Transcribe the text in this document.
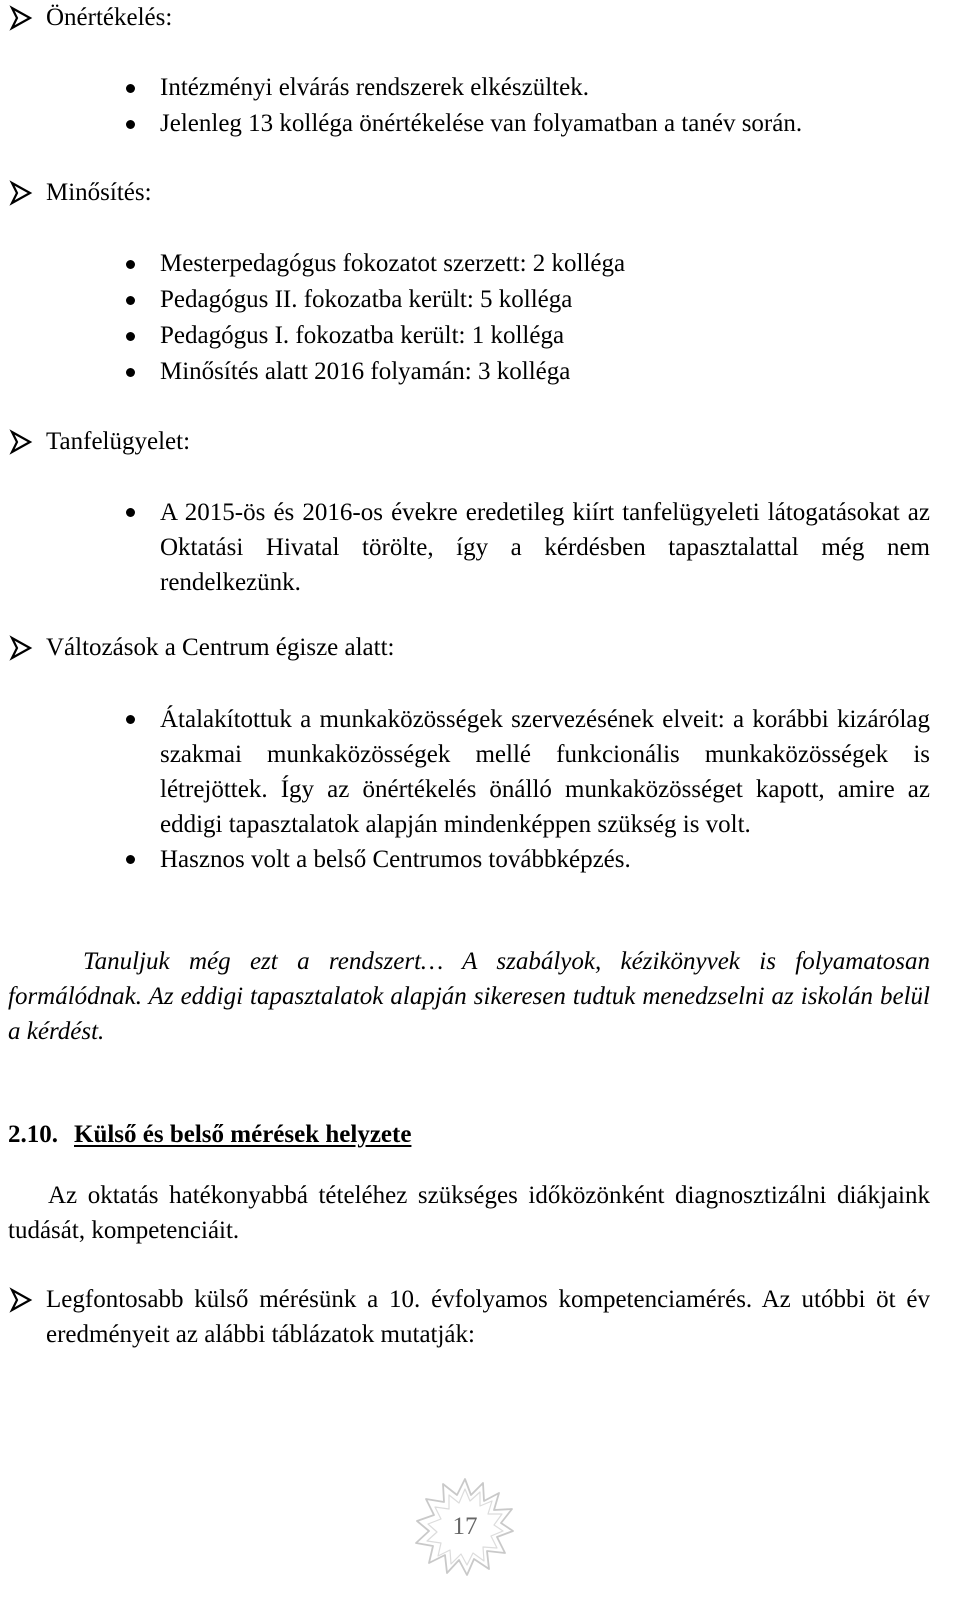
Önértékelés:
Intézményi elvárás rendszerek elkészültek.
Jelenleg 13 kolléga önértékelése van folyamatban a tanév során.
Minősítés:
Mesterpedagógus fokozatot szerzett: 2 kolléga
Pedagógus II. fokozatba került: 5 kolléga
Pedagógus I. fokozatba került: 1 kolléga
Minősítés alatt 2016 folyamán: 3 kolléga
Tanfelügyelet:
A 2015-ös és 2016-os évekre eredetileg kiírt tanfelügyeleti látogatásokat az Oktatási Hivatal törölte, így a kérdésben tapasztalattal még nem rendelkezünk.
Változások a Centrum égisze alatt:
Átalakítottuk a munkaközösségek szervezésének elveit: a korábbi kizárólag szakmai munkaközösségek mellé funkcionális munkaközösségek is létrejöttek. Így az önértékelés önálló munkaközösséget kapott, amire az eddigi tapasztalatok alapján mindenképpen szükség is volt.
Hasznos volt a belső Centrumos továbbképzés.

Tanuljuk még ezt a rendszert… A szabályok, kézikönyvek is folyamatosan formálódnak. Az eddigi tapasztalatok alapján sikeresen tudtuk menedzselni az iskolán belül a kérdést.

2.10. Külső és belső mérések helyzete

Az oktatás hatékonyabbá tételéhez szükséges időközönként diagnosztizálni diákjaink tudását, kompetenciáit.

Legfontosabb külső mérésünk a 10. évfolyamos kompetenciamérés. Az utóbbi öt év eredményeit az alábbi táblázatok mutatják:
17
